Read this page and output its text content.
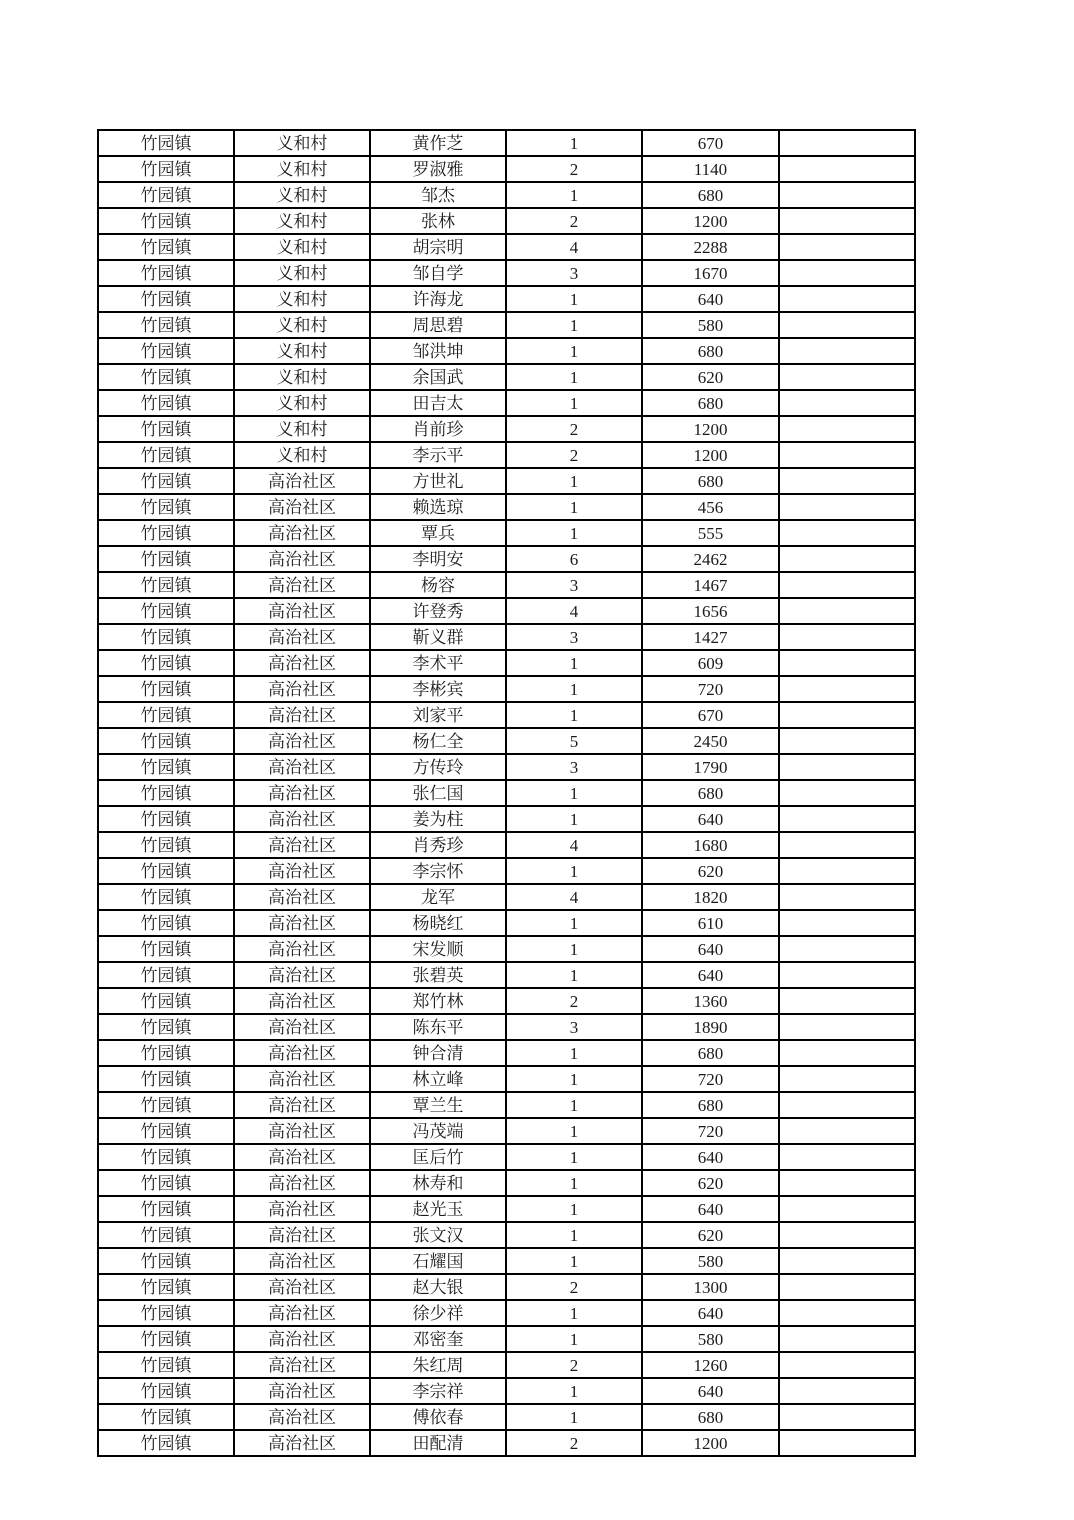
竹园镇	义和村	黄作芝	1	670	
竹园镇	义和村	罗淑雅	2	1140	
竹园镇	义和村	邹杰	1	680	
竹园镇	义和村	张林	2	1200	
竹园镇	义和村	胡宗明	4	2288	
竹园镇	义和村	邹自学	3	1670	
竹园镇	义和村	许海龙	1	640	
竹园镇	义和村	周思碧	1	580	
竹园镇	义和村	邹洪坤	1	680	
竹园镇	义和村	余国武	1	620	
竹园镇	义和村	田吉太	1	680	
竹园镇	义和村	肖前珍	2	1200	
竹园镇	义和村	李示平	2	1200	
竹园镇	高治社区	方世礼	1	680	
竹园镇	高治社区	赖选琼	1	456	
竹园镇	高治社区	覃兵	1	555	
竹园镇	高治社区	李明安	6	2462	
竹园镇	高治社区	杨容	3	1467	
竹园镇	高治社区	许登秀	4	1656	
竹园镇	高治社区	靳义群	3	1427	
竹园镇	高治社区	李术平	1	609	
竹园镇	高治社区	李彬宾	1	720	
竹园镇	高治社区	刘家平	1	670	
竹园镇	高治社区	杨仁全	5	2450	
竹园镇	高治社区	方传玲	3	1790	
竹园镇	高治社区	张仁国	1	680	
竹园镇	高治社区	姜为柱	1	640	
竹园镇	高治社区	肖秀珍	4	1680	
竹园镇	高治社区	李宗怀	1	620	
竹园镇	高治社区	龙军	4	1820	
竹园镇	高治社区	杨晓红	1	610	
竹园镇	高治社区	宋发顺	1	640	
竹园镇	高治社区	张碧英	1	640	
竹园镇	高治社区	郑竹林	2	1360	
竹园镇	高治社区	陈东平	3	1890	
竹园镇	高治社区	钟合清	1	680	
竹园镇	高治社区	林立峰	1	720	
竹园镇	高治社区	覃兰生	1	680	
竹园镇	高治社区	冯茂端	1	720	
竹园镇	高治社区	匡后竹	1	640	
竹园镇	高治社区	林寿和	1	620	
竹园镇	高治社区	赵光玉	1	640	
竹园镇	高治社区	张文汉	1	620	
竹园镇	高治社区	石耀国	1	580	
竹园镇	高治社区	赵大银	2	1300	
竹园镇	高治社区	徐少祥	1	640	
竹园镇	高治社区	邓密奎	1	580	
竹园镇	高治社区	朱红周	2	1260	
竹园镇	高治社区	李宗祥	1	640	
竹园镇	高治社区	傅依春	1	680	
竹园镇	高治社区	田配清	2	1200	
